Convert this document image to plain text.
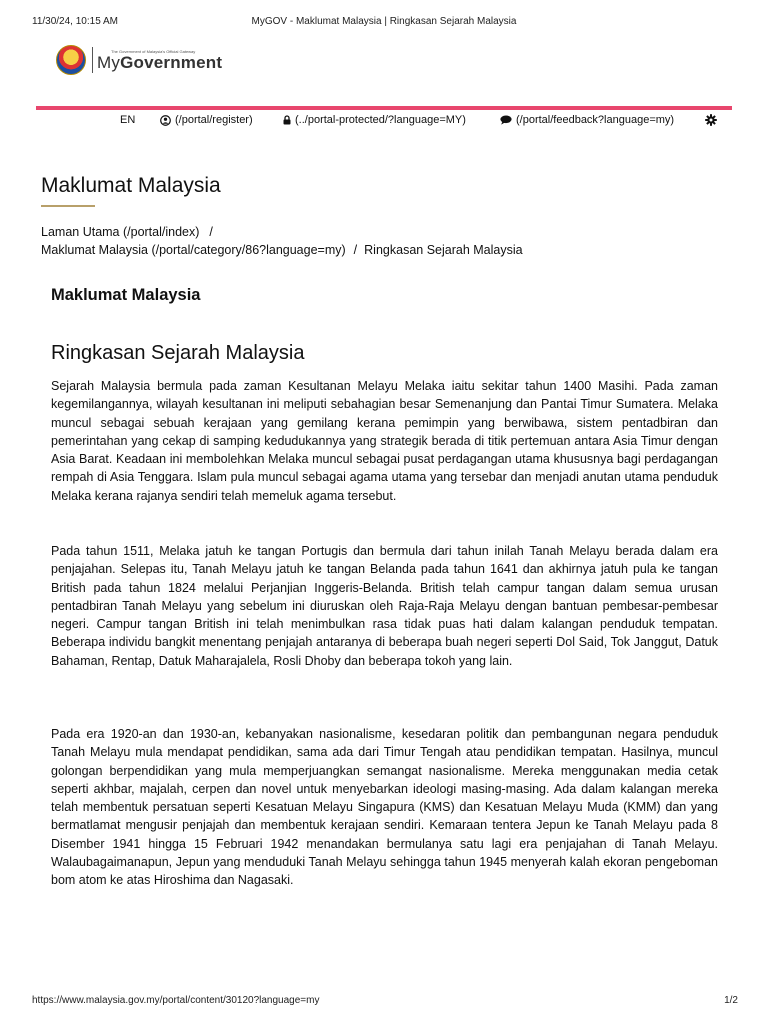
11/30/24, 10:15 AM	MyGOV - Maklumat Malaysia | Ringkasan Sejarah Malaysia
The Government of Malaysia's Official Gateway
MyGovernment
EN	(/portal/register)	(../portal-protected/?language=MY)	(/portal/feedback?language=my)
Maklumat Malaysia
Laman Utama (/portal/index) /
Maklumat Malaysia (/portal/category/86?language=my) / Ringkasan Sejarah Malaysia
Maklumat Malaysia
Ringkasan Sejarah Malaysia

Sejarah Malaysia bermula pada zaman Kesultanan Melayu Melaka iaitu sekitar tahun 1400 Masihi. Pada zaman kegemilangannya, wilayah kesultanan ini meliputi sebahagian besar Semenanjung dan Pantai Timur Sumatera. Melaka muncul sebagai sebuah kerajaan yang gemilang kerana pemimpin yang berwibawa, sistem pentadbiran dan pemerintahan yang cekap di samping kedudukannya yang strategik berada di titik pertemuan antara Asia Timur dengan Asia Barat. Keadaan ini membolehkan Melaka muncul sebagai pusat perdagangan utama khususnya bagi perdagangan rempah di Asia Tenggara. Islam pula muncul sebagai agama utama yang tersebar dan menjadi anutan utama penduduk Melaka kerana rajanya sendiri telah memeluk agama tersebut.

Pada tahun 1511, Melaka jatuh ke tangan Portugis dan bermula dari tahun inilah Tanah Melayu berada dalam era penjajahan. Selepas itu, Tanah Melayu jatuh ke tangan Belanda pada tahun 1641 dan akhirnya jatuh pula ke tangan British pada tahun 1824 melalui Perjanjian Inggeris-Belanda. British telah campur tangan dalam semua urusan pentadbiran Tanah Melayu yang sebelum ini diuruskan oleh Raja-Raja Melayu dengan bantuan pembesar-pembesar negeri. Campur tangan British ini telah menimbulkan rasa tidak puas hati dalam kalangan penduduk tempatan. Beberapa individu bangkit menentang penjajah antaranya di beberapa buah negeri seperti Dol Said, Tok Janggut, Datuk Bahaman, Rentap, Datuk Maharajalela, Rosli Dhoby dan beberapa tokoh yang lain.

Pada era 1920-an dan 1930-an, kebanyakan nasionalisme, kesedaran politik dan pembangunan negara penduduk Tanah Melayu mula mendapat pendidikan, sama ada dari Timur Tengah atau pendidikan tempatan. Hasilnya, muncul golongan berpendidikan yang mula memperjuangkan semangat nasionalisme. Mereka menggunakan media cetak seperti akhbar, majalah, cerpen dan novel untuk menyebarkan ideologi masing-masing. Ada dalam kalangan mereka telah membentuk persatuan seperti Kesatuan Melayu Singapura (KMS) dan Kesatuan Melayu Muda (KMM) dan yang bermatlamat mengusir penjajah dan membentuk kerajaan sendiri. Kemaraan tentera Jepun ke Tanah Melayu pada 8 Disember 1941 hingga 15 Februari 1942 menandakan bermulanya satu lagi era penjajahan di Tanah Melayu. Walaubagaimanapun, Jepun yang menduduki Tanah Melayu sehingga tahun 1945 menyerah kalah ekoran pengeboman bom atom ke atas Hiroshima dan Nagasaki.

https://www.malaysia.gov.my/portal/content/30120?language=my	1/2
